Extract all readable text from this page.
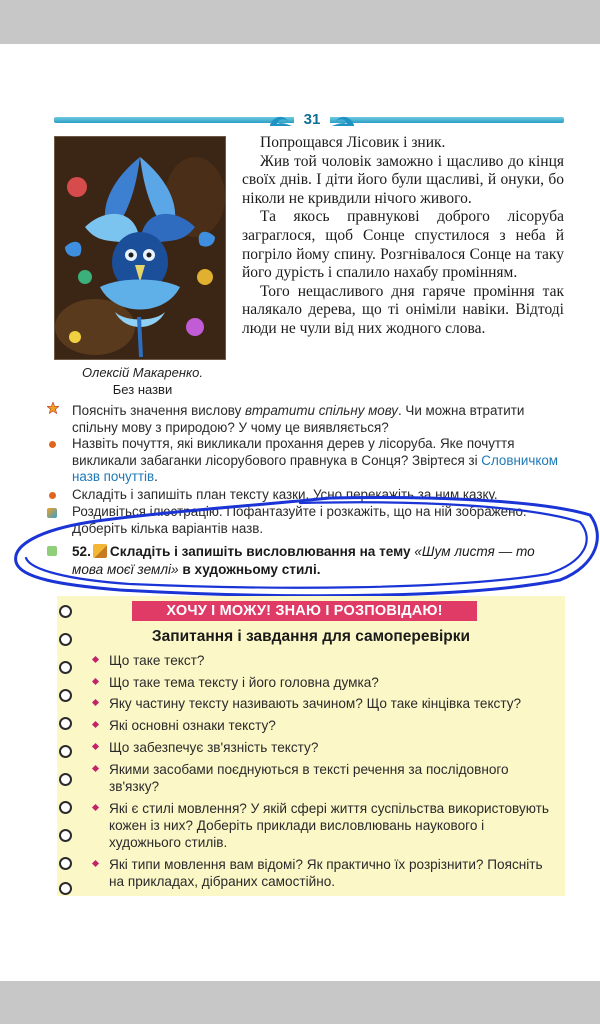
31
Олексій Макаренко.
Без назви

Попрощався Лісовик і зник.

Жив той чоловік заможно і щасливо до кінця своїх днів. І діти його були щасливі, й онуки, бо ніколи не кривдили нічого живого.

Та якось правнукові доброго лісоруба заграглося, щоб Сонце спустилося з неба й погріло йому спину. Розгнівалося Сонце на таку його дурість і спалило нахабу промінням.

Того нещасливого дня гаряче проміння так налякало дерева, що ті оніміли навіки. Відтоді люди не чули від них жодного слова.

Поясніть значення вислову втратити спільну мову. Чи можна втратити спільну мову з природою? У чому це виявляється?
Назвіть почуття, які викликали прохання дерев у лісоруба. Яке почуття викликали забаганки лісорубового правнука в Сонця? Звіртеся зі Словничком назв почуттів.
Складіть і запишіть план тексту казки. Усно перекажіть за ним казку.
Роздивіться ілюстрацію. Пофантазуйте і розкажіть, що на ній зображено. Доберіть кілька варіантів назв.
52. Складіть і запишіть висловлювання на тему «Шум листя — то мова моєї землі» в художньому стилі.
ХОЧУ І МОЖУ! ЗНАЮ І РОЗПОВІДАЮ!
Запитання і завдання для самоперевірки
Що таке текст?
Що таке тема тексту і його головна думка?
Яку частину тексту називають зачином? Що таке кінцівка тексту?
Які основні ознаки тексту?
Що забезпечує зв'язність тексту?
Якими засобами поєднуються в тексті речення за послідовного зв'язку?
Які є стилі мовлення? У якій сфері життя суспільства використовують кожен із них? Доберіть приклади висловлювань наукового і художнього стилів.
Які типи мовлення вам відомі? Як практично їх розрізнити? Поясніть на прикладах, дібраних самостійно.
